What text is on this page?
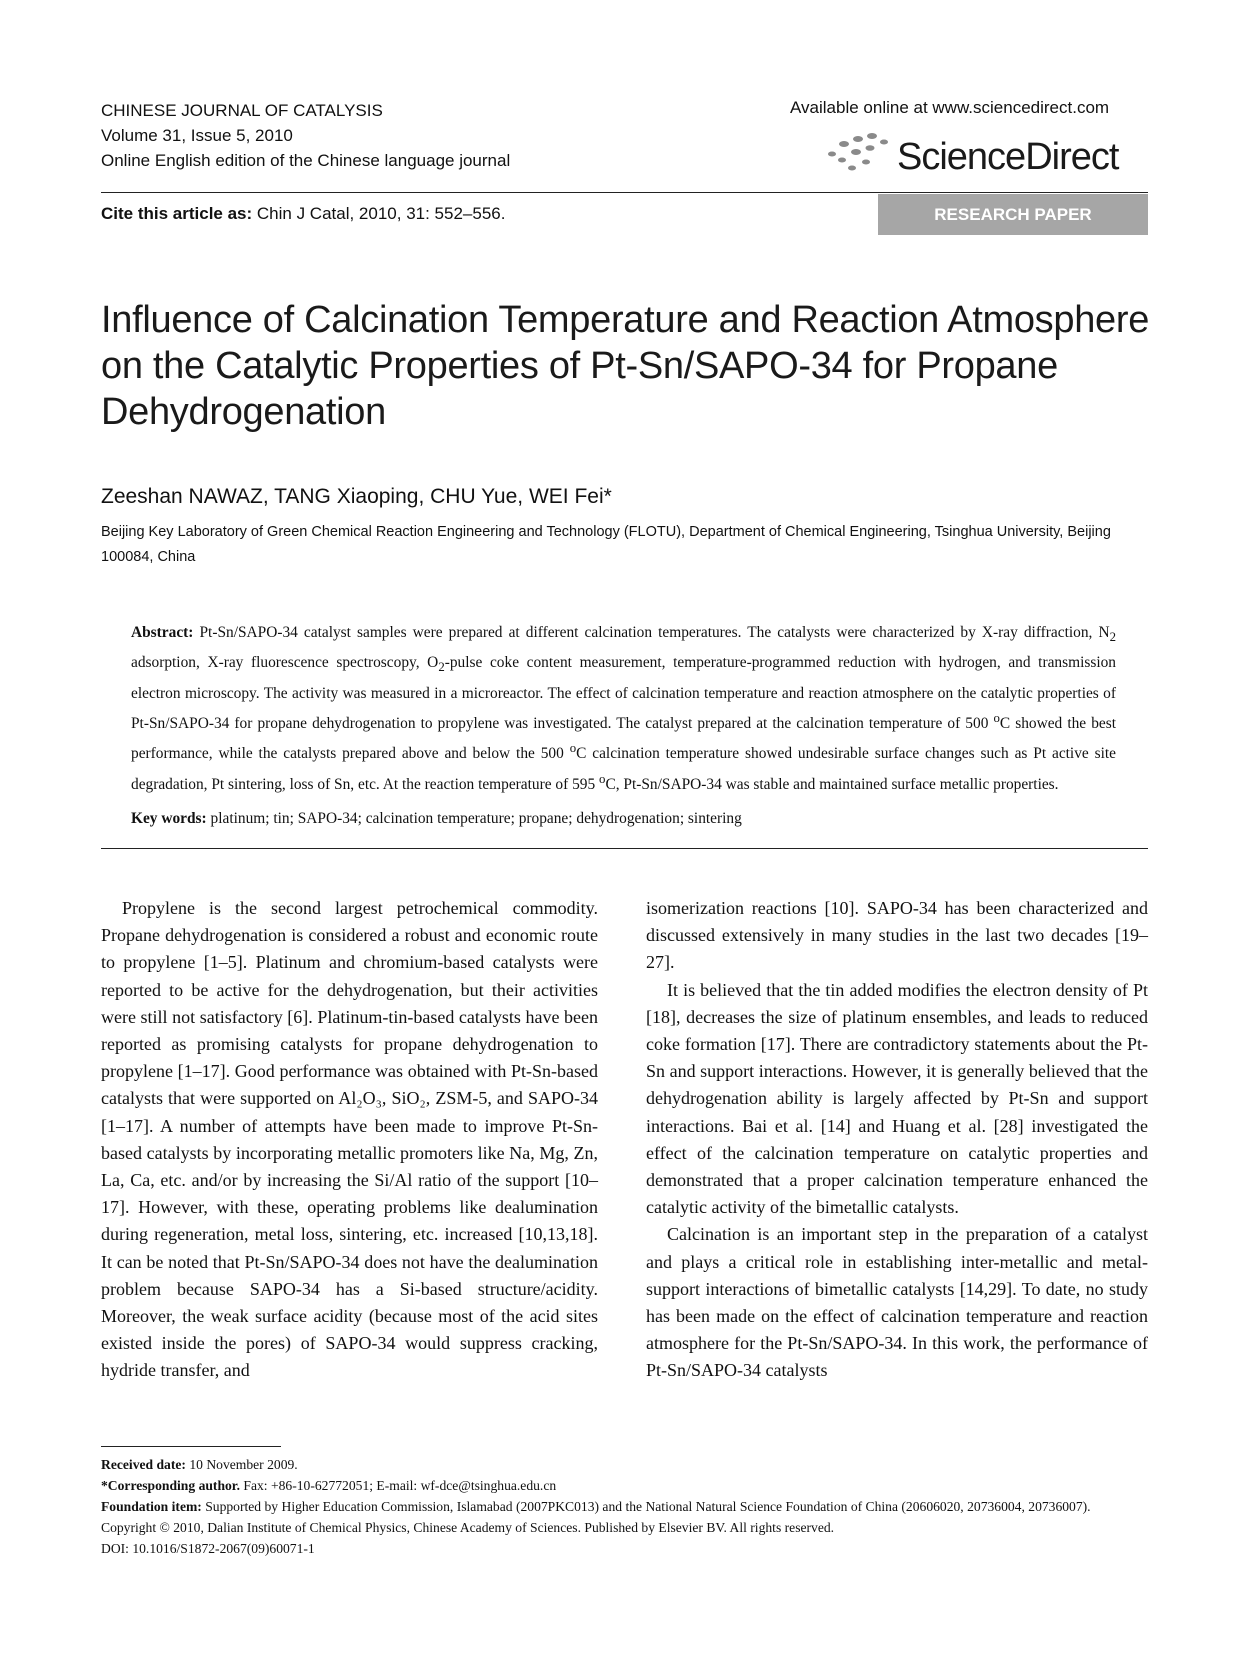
CHINESE JOURNAL OF CATALYSIS
Volume 31, Issue 5, 2010
Online English edition of the Chinese language journal
Available online at www.sciencedirect.com
ScienceDirect
Cite this article as: Chin J Catal, 2010, 31: 552–556.	RESEARCH PAPER
Influence of Calcination Temperature and Reaction Atmosphere on the Catalytic Properties of Pt-Sn/SAPO-34 for Propane Dehydrogenation
Zeeshan NAWAZ, TANG Xiaoping, CHU Yue, WEI Fei*
Beijing Key Laboratory of Green Chemical Reaction Engineering and Technology (FLOTU), Department of Chemical Engineering, Tsinghua University, Beijing 100084, China
Abstract: Pt-Sn/SAPO-34 catalyst samples were prepared at different calcination temperatures. The catalysts were characterized by X-ray diffraction, $N_2$ adsorption, X-ray fluorescence spectroscopy, $O_2$-pulse coke content measurement, temperature-programmed reduction with hydrogen, and transmission electron microscopy. The activity was measured in a microreactor. The effect of calcination temperature and reaction atmosphere on the catalytic properties of Pt-Sn/SAPO-34 for propane dehydrogenation to propylene was investigated. The catalyst prepared at the calcination temperature of 500 $^o$C showed the best performance, while the catalysts prepared above and below the 500 $^o$C calcination temperature showed undesirable surface changes such as Pt active site degradation, Pt sintering, loss of Sn, etc. At the reaction temperature of 595 $^o$C, Pt-Sn/SAPO-34 was stable and maintained surface metallic properties.
Key words: platinum; tin; SAPO-34; calcination temperature; propane; dehydrogenation; sintering

Propylene is the second largest petrochemical commodity. Propane dehydrogenation is considered a robust and economic route to propylene [1–5]. Platinum and chromium-based catalysts were reported to be active for the dehydrogenation, but their activities were still not satisfactory [6]. Platinum-tin-based catalysts have been reported as promising catalysts for propane dehydrogenation to propylene [1–17]. Good performance was obtained with Pt-Sn-based catalysts that were supported on Al₂O₃, SiO₂, ZSM-5, and SAPO-34 [1–17]. A number of attempts have been made to improve Pt-Sn-based catalysts by incorporating metallic promoters like Na, Mg, Zn, La, Ca, etc. and/or by increasing the Si/Al ratio of the support [10–17]. However, with these, operating problems like dealumination during regeneration, metal loss, sintering, etc. increased [10,13,18]. It can be noted that Pt-Sn/SAPO-34 does not have the dealumination problem because SAPO-34 has a Si-based structure/acidity. Moreover, the weak surface acidity (because most of the acid sites existed inside the pores) of SAPO-34 would suppress cracking, hydride transfer, and

isomerization reactions [10]. SAPO-34 has been characterized and discussed extensively in many studies in the last two decades [19–27].

It is believed that the tin added modifies the electron density of Pt [18], decreases the size of platinum ensembles, and leads to reduced coke formation [17]. There are contradictory statements about the Pt-Sn and support interactions. However, it is generally believed that the dehydrogenation ability is largely affected by Pt-Sn and support interactions. Bai et al. [14] and Huang et al. [28] investigated the effect of the calcination temperature on catalytic properties and demonstrated that a proper calcination temperature enhanced the catalytic activity of the bimetallic catalysts.

Calcination is an important step in the preparation of a catalyst and plays a critical role in establishing inter-metallic and metal-support interactions of bimetallic catalysts [14,29]. To date, no study has been made on the effect of calcination temperature and reaction atmosphere for the Pt-Sn/SAPO-34. In this work, the performance of Pt-Sn/SAPO-34 catalysts

Received date: 10 November 2009.

*Corresponding author. Fax: +86-10-62772051; E-mail: wf-dce@tsinghua.edu.cn

Foundation item: Supported by Higher Education Commission, Islamabad (2007PKC013) and the National Natural Science Foundation of China (20606020, 20736004, 20736007).

Copyright © 2010, Dalian Institute of Chemical Physics, Chinese Academy of Sciences. Published by Elsevier BV. All rights reserved.

DOI: 10.1016/S1872-2067(09)60071-1
